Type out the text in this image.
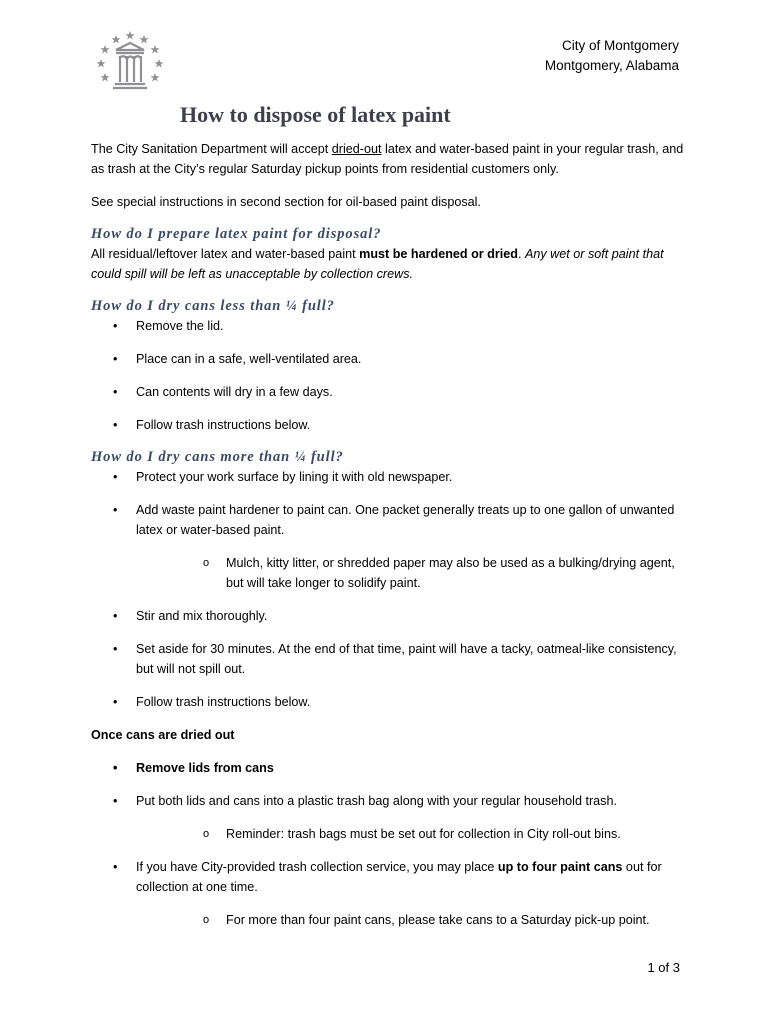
City of Montgomery
Montgomery, Alabama
How to dispose of latex paint

The City Sanitation Department will accept dried-out latex and water-based paint in your regular trash, and as trash at the City’s regular Saturday pickup points from residential customers only.

See special instructions in second section for oil-based paint disposal.

How do I prepare latex paint for disposal?

All residual/leftover latex and water-based paint must be hardened or dried. Any wet or soft paint that could spill will be left as unacceptable by collection crews.

How do I dry cans less than ¼ full?
• Remove the lid.
• Place can in a safe, well-ventilated area.
• Can contents will dry in a few days.
• Follow trash instructions below.
How do I dry cans more than ¼ full?
• Protect your work surface by lining it with old newspaper.
• Add waste paint hardener to paint can. One packet generally treats up to one gallon of unwanted latex or water-based paint.
o Mulch, kitty litter, or shredded paper may also be used as a bulking/drying agent, but will take longer to solidify paint.
• Stir and mix thoroughly.
• Set aside for 30 minutes. At the end of that time, paint will have a tacky, oatmeal-like consistency, but will not spill out.
• Follow trash instructions below.

Once cans are dried out

• Remove lids from cans
• Put both lids and cans into a plastic trash bag along with your regular household trash.
o Reminder: trash bags must be set out for collection in City roll-out bins.
• If you have City-provided trash collection service, you may place up to four paint cans out for collection at one time.
o For more than four paint cans, please take cans to a Saturday pick-up point.
1 of 3
